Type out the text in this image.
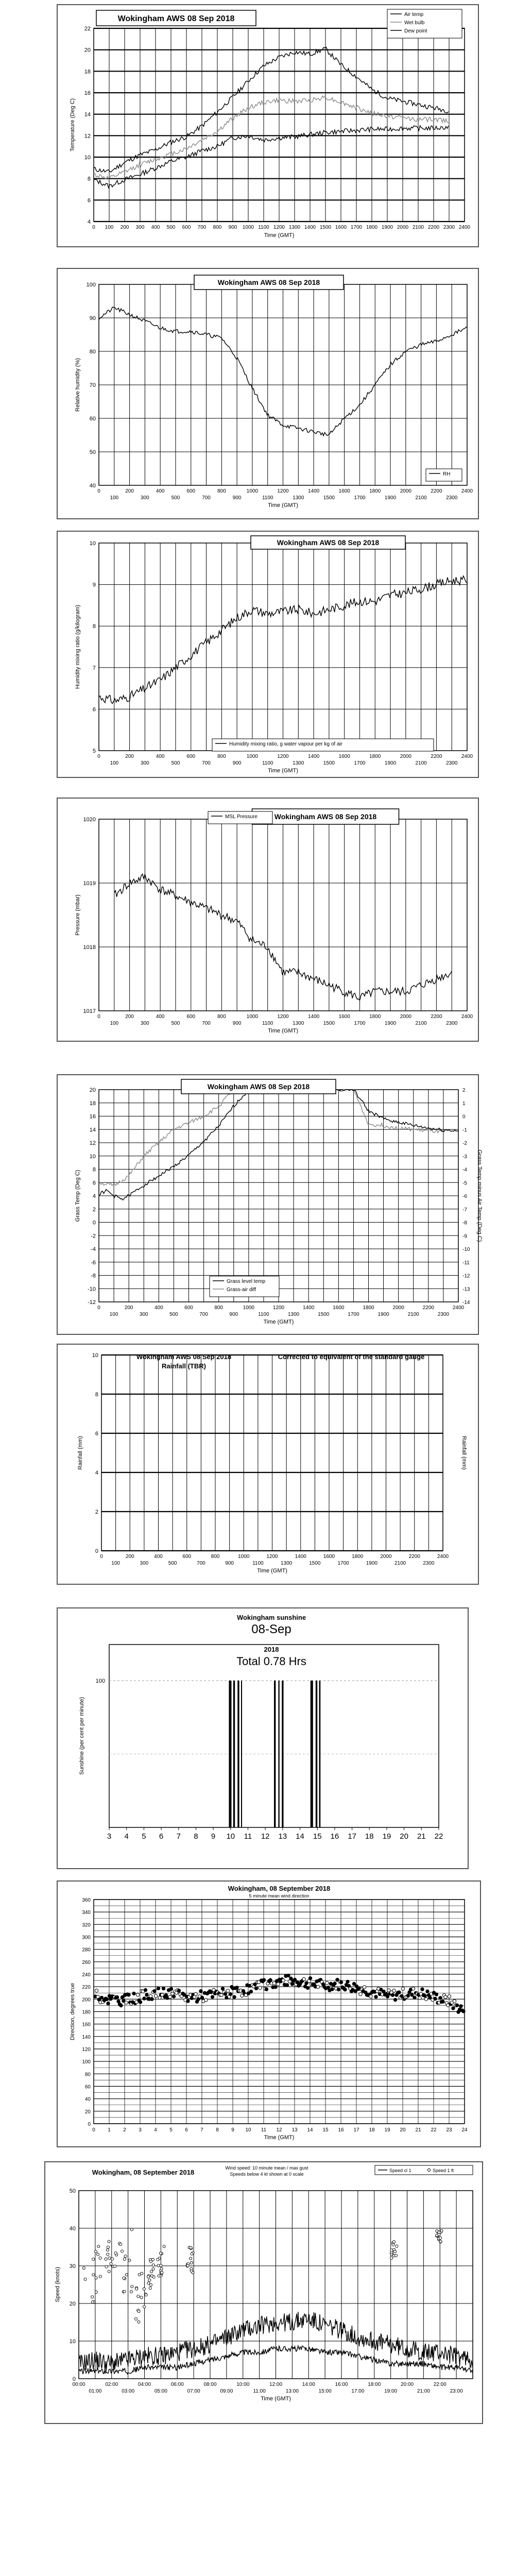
4
6
8
10
12
14
16
18
20
22
0 100 200 300 400 500 600 700 800 900 1000 1100 1200 1300 1400 1500 1600 1700 1800 1900 2000 2100 2200 2300 2400
Time (GMT)
Temperature (Deg C)
Wokingham AWS 08 Sep 2018	Air temp
Wet bulb
Dew point
40
50
60
70
80
90
100
0	200	400	600	800	1000	1200	1400	1600	1800	2000	2200	2400
100	300	500	700	900	1100	1300	1500	1700	1900	2100	2300
Time (GMT)
Relative humidity (%)
Wokingham AWS 08 Sep 2018
RH
5
6
7
8
9
10
0	200	400	600	800	1000	1200	1400	1600	1800	2000	2200	2400
100	300	500	700	900	1100	1300	1500	1700	1900	2100	2300
Time (GMT)
Humidity mixing ratio (g/kilogram)
Wokingham AWS 08 Sep 2018
Humidity mixing ratio, g water vapour per kg of air
1017
1018
1019
1020
0	200	400	600	800	1000	1200	1400	1600	1800	2000	2200	2400
100	300	500	700	900	1100	1300	1500	1700	1900	2100	2300
Time (GMT)
Pressure (mbar)
Wokingham AWS 08 Sep 2018
MSL Pressure
-12
-10
-8
-6
-4
-2
0
2
4
6
8
10
12
14
16
18
20
-14
-13
-12
-11
-10
-9
-8
-7
-6
-5
-4
-3
-2
-1
0
1
2
0	200	400	600	800	1000	1200	1400	1600	1800	2000	2200	2400
100	300	500	700	900	1100	1300	1500	1700	1900	2100	2300
Time (GMT)
Grass Temp (Deg C)	Grass Temp minus Air Temp (Deg C)
Wokingham AWS 08 Sep 2018
Grass level temp
Grass-air diff
0
2
4
6
8
10
0	200	400	600	800	1000	1200	1400	1600	1800	2000	2200	2400
100	300	500	700	900	1100	1300	1500	1700	1900	2100	2300
Time (GMT)
Rainfall (mm)	Rainfall (mm)
Wokingham AWS 08 Sep 2018
Rainfall (TBR)
Corrected to equivalent of the standard gauge
100
3 4 5 6 7 8 9 10 11 12 13 14 15 16 17 18 19 20 21 22
Sunshine (per cent per minute)
Wokingham sunshine
08-Sep
2018
Total 0.78 Hrs
0
20
40
60
80
100
120
140
160
180
200
220
240
260
280
300
320
340
360
0 1 2 3 4 5 6 7 8 9 10 11 12 13 14 15 16 17 18 19 20 21 22 23 24
Wokingham, 08 September 2018
5 minute mean wind direction
Time (GMT)
Direction, degrees true
0
10
20
30
40
50
00:00	02:00	04:00	06:00	08:00	10:00	12:00	14:00	16:00	18:00	20:00	22:00
01:00	03:00	05:00	07:00	09:00	11:00	13:00	15:00	17:00	19:00	21:00	23:00
Time (GMT)
Speed (knots)
Wokingham, 08 September 2018
Wind speed: 10 minute mean / max gust
Speeds below 4 kt shown at 0 scale
Speed cl 1	Speed 1 ft
